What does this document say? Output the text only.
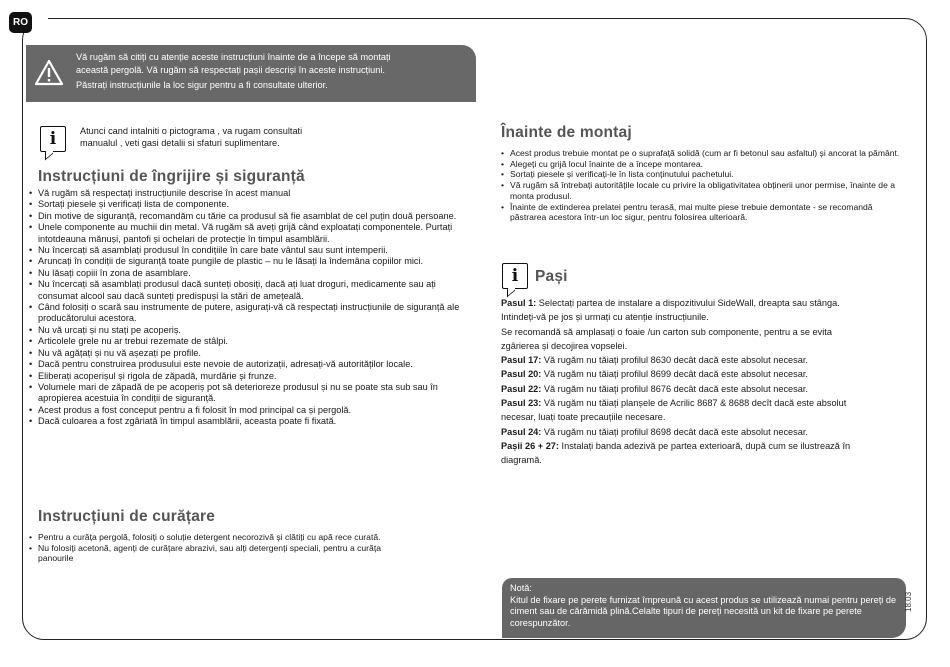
RO

Vă rugăm să citiți cu atenție aceste instrucțiuni înainte de a începe să montați

această pergolă. Vă rugăm să respectați pașii descriși în aceste instrucțiuni.

Păstrați instrucțiunile la loc sigur pentru a fi consultate ulterior.

i	Atunci cand intalniti o pictograma , va rugam consultati
manualul , veti gasi detalii si sfaturi suplimentare.
Instrucțiuni de îngrijire și siguranță
• Vă rugăm să respectați instrucțiunile descrise în acest manual
• Sortați piesele și verificați lista de componente.
• Din motive de siguranță, recomandăm cu tărie ca produsul să fie asamblat de cel puțin două persoane.
• Unele componente au muchii din metal. Vă rugăm să aveți grijă când exploatați componentele. Purtați intotdeauna mănuși, pantofi și ochelari de protecție în timpul asamblării.
• Nu încercați să asamblați produsul în condițiile în care bate vântul sau sunt intemperii.
• Aruncați în condiții de siguranță toate pungile de plastic – nu le lăsați la îndemâna copiilor mici.
• Nu lăsați copiii în zona de asamblare.
• Nu încercați să asamblați produsul dacă sunteți obosiți, dacă ați luat droguri, medicamente sau ați consumat alcool sau dacă sunteți predispuși la stări de amețeală.
• Când folosiți o scară sau instrumente de putere, asigurați-vă că respectați instrucțiunile de siguranță ale producătorului acestora.
• Nu vă urcați și nu stați pe acoperiș.
• Articolele grele nu ar trebui rezemate de stâlpi.
• Nu vă agățați și nu vă așezați pe profile.
• Dacă pentru construirea produsului este nevoie de autorizații, adresați-vă autorităților locale.
• Eliberați acoperișul și rigola de zăpadă, murdărie și frunze.
• Volumele mari de zăpadă de pe acoperiș pot să deterioreze produsul și nu se poate sta sub sau în apropierea acestuia în condiții de siguranță.
• Acest produs a fost conceput pentru a fi folosit în mod principal ca și pergolă.
• Dacă culoarea a fost zgâriată în timpul asamblării, aceasta poate fi fixată.
Instrucțiuni de curățare
• Pentru a curăța pergolă, folosiți o soluție detergent necorozivă și clătiți cu apă rece curată.
• Nu folosiți acetonă, agenți de curățare abrazivi, sau alți detergenți speciali, pentru a curăța panourile
Înainte de montaj
• Acest produs trebuie montat pe o suprafață solidă (cum ar fi betonul sau asfaltul) și ancorat la pământ.
• Alegeți cu grijă locul înainte de a începe montarea.
• Sortați piesele și verificați-le în lista conținutului pachetului.
• Vă rugăm să întrebați autoritățile locale cu privire la obligativitatea obținerii unor permise, înainte de a monta produsul.
• Înainte de extinderea prelatei pentru terasă, mai multe piese trebuie demontate - se recomandă păstrarea acestora într-un loc sigur, pentru folosirea ulterioară.
i	Pași

Pasul 1: Selectați partea de instalare a dispozitivului SideWall, dreapta sau stânga.

Intindeți-vă pe jos și urmați cu atenție instrucțiunile.

Se recomandă să amplasați o foaie /un carton sub componente, pentru a se evita

zgârierea și decojirea vopselei.

Pasul 17: Vă rugăm nu tăiați profilul 8630 decât dacă este absolut necesar.

Pasul 20: Vă rugăm nu tăiați profilul 8699 decât dacă este absolut necesar.

Pasul 22: Vă rugăm nu tăiați profilul 8676 decât dacă este absolut necesar.

Pasul 23: Vă rugăm nu tăiați planșele de Acrilic 8687 & 8688 decît dacă este absolut

necesar, luați toate precauțiile necesare.

Pasul 24: Vă rugăm nu tăiați profilul 8698 decât dacă este absolut necesar.

Pașii 26 + 27: Instalați banda adezivă pe partea exterioară, după cum se ilustrează în

diagramă.

Notă:

Kitul de fixare pe perete furnizat împreună cu acest produs se utilizează numai pentru pereți de ciment sau de cărămidă plină.Celalte tipuri de pereți necesită un kit de fixare pe perete corespunzător.

18.03
